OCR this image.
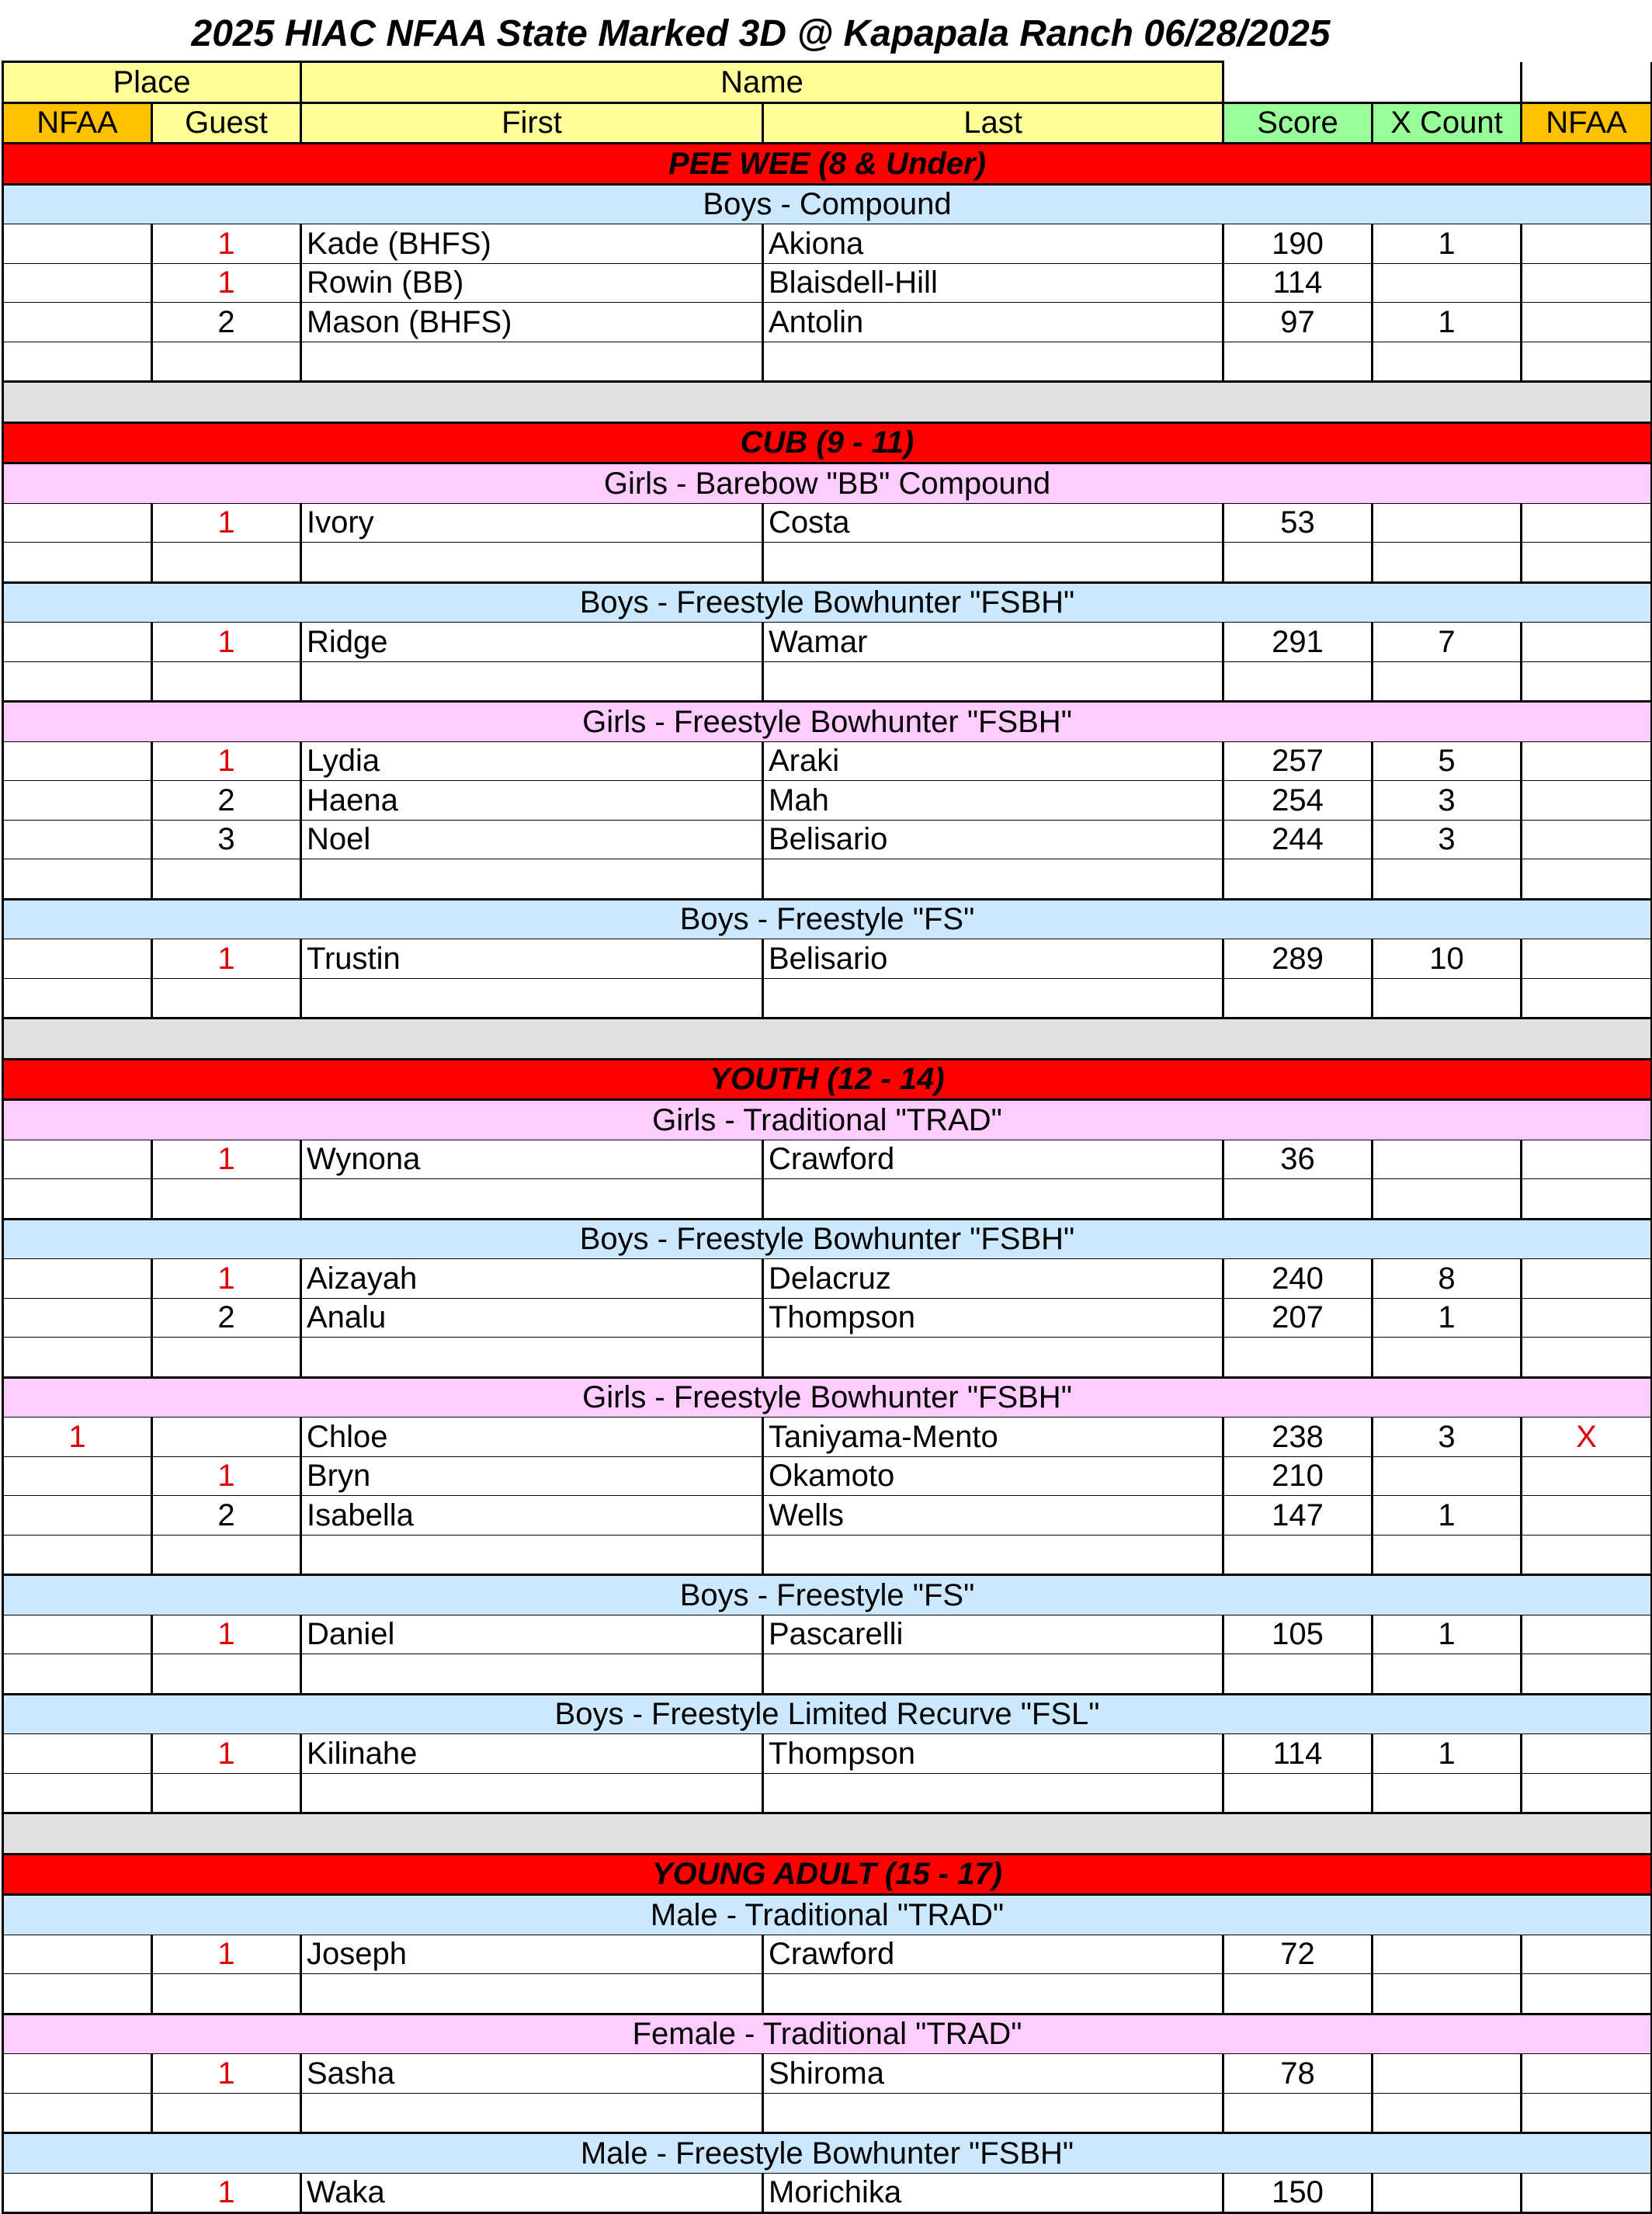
2025 HIAC NFAA State Marked 3D @ Kapapala Ranch 06/28/2025
Place		Name				
NFAA	Guest	First	Last	Score	X Count	NFAA
PEE WEE (8 & Under)						
Boys - Compound						
	1	Kade (BHFS)	Akiona	190	1	
	1	Rowin (BB)	Blaisdell-Hill	114		
	2	Mason (BHFS)	Antolin	97	1	

CUB (9 - 11)						
Girls - Barebow "BB" Compound						
	1	Ivory	Costa	53		

Boys - Freestyle Bowhunter "FSBH"						
	1	Ridge	Wamar	291	7	

Girls - Freestyle Bowhunter "FSBH"						
	1	Lydia	Araki	257	5	
	2	Haena	Mah	254	3	
	3	Noel	Belisario	244	3	

Boys - Freestyle "FS"						
	1	Trustin	Belisario	289	10	

YOUTH (12 - 14)						
Girls - Traditional "TRAD"						
	1	Wynona	Crawford	36		

Boys - Freestyle Bowhunter "FSBH"						
	1	Aizayah	Delacruz	240	8	
	2	Analu	Thompson	207	1	

Girls - Freestyle Bowhunter "FSBH"						
1		Chloe	Taniyama-Mento	238	3	X
	1	Bryn	Okamoto	210		
	2	Isabella	Wells	147	1	

Boys - Freestyle "FS"						
	1	Daniel	Pascarelli	105	1	

Boys - Freestyle Limited Recurve "FSL"						
	1	Kilinahe	Thompson	114	1	

YOUNG ADULT (15 - 17)						
Male - Traditional "TRAD"						
	1	Joseph	Crawford	72		

Female - Traditional "TRAD"						
	1	Sasha	Shiroma	78		

Male - Freestyle Bowhunter "FSBH"						
	1	Waka	Morichika	150		
